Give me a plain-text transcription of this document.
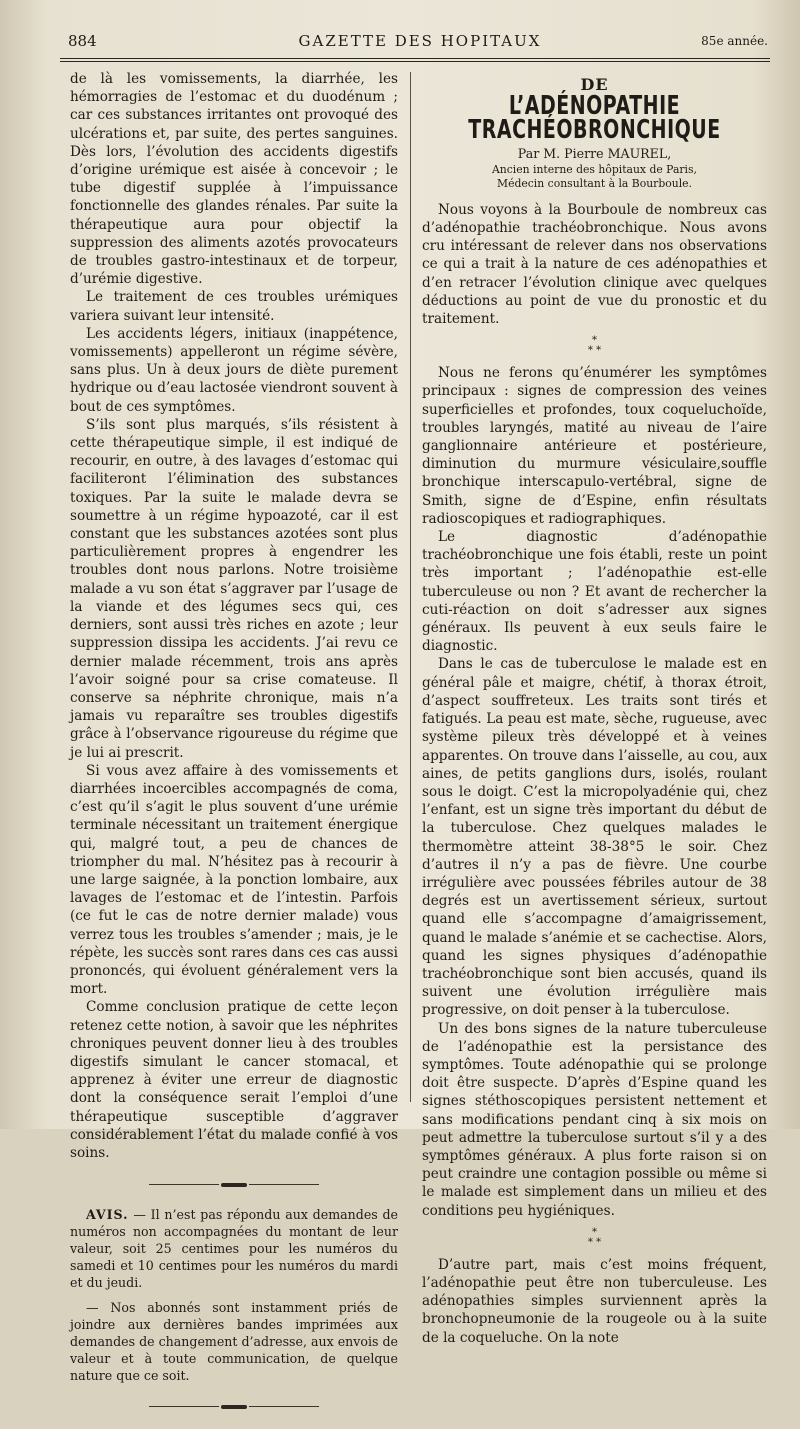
884	GAZETTE DES HOPITAUX	85e année.

de là les vomissements, la diarrhée, les hémorragies de l’estomac et du duodénum ; car ces substances irritantes ont provoqué des ulcérations et, par suite, des pertes sanguines. Dès lors, l’évolution des accidents digestifs d’origine urémique est aisée à concevoir ; le tube digestif supplée à l’impuissance fonctionnelle des glandes rénales. Par suite la thérapeutique aura pour objectif la suppression des aliments azotés provocateurs de troubles gastro-intestinaux et de torpeur, d’urémie digestive.

Le traitement de ces troubles urémiques variera suivant leur intensité.

Les accidents légers, initiaux (inappétence, vomissements) appelleront un régime sévère, sans plus. Un à deux jours de diète purement hydrique ou d’eau lactosée viendront souvent à bout de ces symptômes.

S’ils sont plus marqués, s’ils résistent à cette thérapeutique simple, il est indiqué de recourir, en outre, à des lavages d’estomac qui faciliteront l’élimination des substances toxiques. Par la suite le malade devra se soumettre à un régime hypoazoté, car il est constant que les substances azotées sont plus particulièrement propres à engendrer les troubles dont nous parlons. Notre troisième malade a vu son état s’aggraver par l’usage de la viande et des légumes secs qui, ces derniers, sont aussi très riches en azote ; leur suppression dissipa les accidents. J’ai revu ce dernier malade récemment, trois ans après l’avoir soigné pour sa crise comateuse. Il conserve sa néphrite chronique, mais n’a jamais vu reparaître ses troubles digestifs grâce à l’observance rigoureuse du régime que je lui ai prescrit.

Si vous avez affaire à des vomissements et diarrhées incoercibles accompagnés de coma, c’est qu’il s’agit le plus souvent d’une urémie terminale nécessitant un traitement énergique qui, malgré tout, a peu de chances de triompher du mal. N’hésitez pas à recourir à une large saignée, à la ponction lombaire, aux lavages de l’estomac et de l’intestin. Parfois (ce fut le cas de notre dernier malade) vous verrez tous les troubles s’amender ; mais, je le répète, les succès sont rares dans ces cas aussi prononcés, qui évoluent généralement vers la mort.

Comme conclusion pratique de cette leçon retenez cette notion, à savoir que les néphrites chroniques peuvent donner lieu à des troubles digestifs simulant le cancer stomacal, et apprenez à éviter une erreur de diagnostic dont la conséquence serait l’emploi d’une thérapeutique susceptible d’aggraver considérablement l’état du malade confié à vos soins.

AVIS. — Il n’est pas répondu aux demandes de numéros non accompagnées du montant de leur valeur, soit 25 centimes pour les numéros du samedi et 10 centimes pour les numéros du mardi et du jeudi.

— Nos abonnés sont instamment priés de joindre aux dernières bandes imprimées aux demandes de changement d’adresse, aux envois de valeur et à toute communication, de quelque nature que ce soit.

DE
L’ADÉNOPATHIE TRACHÉOBRONCHIQUE
Par M. Pierre MAUREL,
Ancien interne des hôpitaux de Paris,
Médecin consultant à la Bourboule.

Nous voyons à la Bourboule de nombreux cas d’adénopathie trachéobronchique. Nous avons cru intéressant de relever dans nos observations ce qui a trait à la nature de ces adénopathies et d’en retracer l’évolution clinique avec quelques déductions au point de vue du pronostic et du traitement.

*
* *

Nous ne ferons qu’énumérer les symptômes principaux : signes de compression des veines superficielles et profondes, toux coqueluchoïde, troubles laryngés, matité au niveau de l’aire ganglionnaire antérieure et postérieure, diminution du murmure vésiculaire,souffle bronchique interscapulo-vertébral, signe de Smith, signe de d’Espine, enfin résultats radioscopiques et radiographiques.

Le diagnostic d’adénopathie trachéobronchique une fois établi, reste un point très important ; l’adénopathie est-elle tuberculeuse ou non ? Et avant de rechercher la cuti-réaction on doit s’adresser aux signes généraux. Ils peuvent à eux seuls faire le diagnostic.

Dans le cas de tuberculose le malade est en général pâle et maigre, chétif, à thorax étroit, d’aspect souffreteux. Les traits sont tirés et fatigués. La peau est mate, sèche, rugueuse, avec système pileux très développé et à veines apparentes. On trouve dans l’aisselle, au cou, aux aines, de petits ganglions durs, isolés, roulant sous le doigt. C’est la micropolyadénie qui, chez l’enfant, est un signe très important du début de la tuberculose. Chez quelques malades le thermomètre atteint 38-38°5 le soir. Chez d’autres il n’y a pas de fièvre. Une courbe irrégulière avec poussées fébriles autour de 38 degrés est un avertissement sérieux, surtout quand elle s’accompagne d’amaigrissement, quand le malade s’anémie et se cachectise. Alors, quand les signes physiques d’adénopathie trachéobronchique sont bien accusés, quand ils suivent une évolution irrégulière mais progressive, on doit penser à la tuberculose.

Un des bons signes de la nature tuberculeuse de l’adénopathie est la persistance des symptômes. Toute adénopathie qui se prolonge doit être suspecte. D’après d’Espine quand les signes stéthoscopiques persistent nettement et sans modifications pendant cinq à six mois on peut admettre la tuberculose surtout s’il y a des symptômes généraux. A plus forte raison si on peut craindre une contagion possible ou même si le malade est simplement dans un milieu et des conditions peu hygiéniques.

*
* *

D’autre part, mais c’est moins fréquent, l’adénopathie peut être non tuberculeuse. Les adénopathies simples surviennent après la bronchopneumonie de la rougeole ou à la suite de la coqueluche. On la note
